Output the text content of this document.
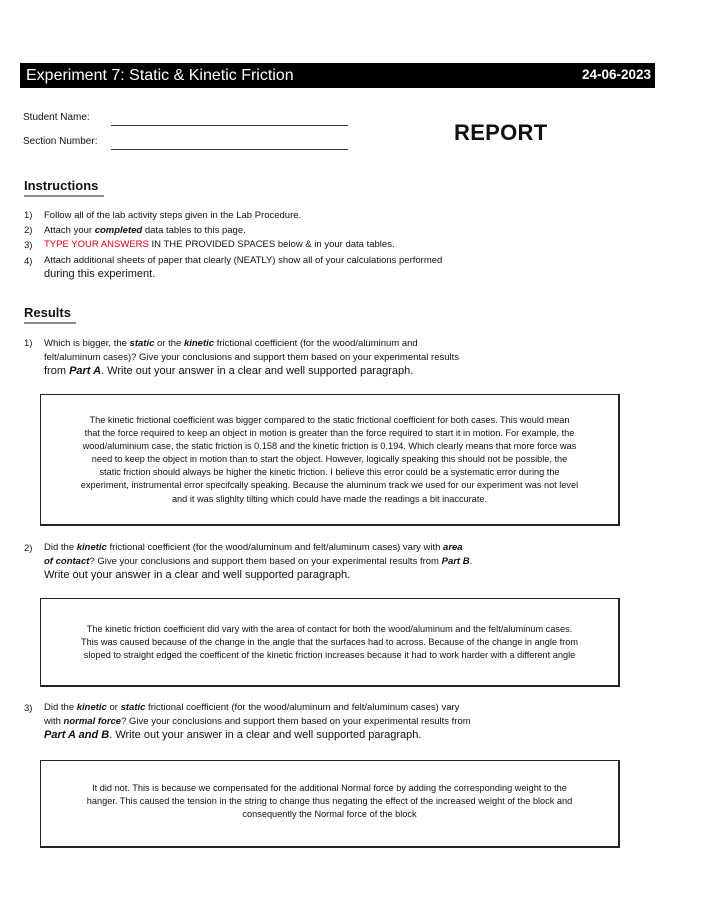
Experiment 7: Static & Kinetic Friction	24-06-2023
Student Name:
Section Number:	REPORT
Instructions
1) Follow all of the lab activity steps given in the Lab Procedure.
2) Attach your completed data tables to this page.
3) TYPE YOUR ANSWERS IN THE PROVIDED SPACES below & in your data tables.
4) Attach additional sheets of paper that clearly (NEATLY) show all of your calculations performed
during this experiment.
Results
1) Which is bigger, the static or the kinetic frictional coefficient (for the wood/aluminum and
felt/aluminum cases)? Give your conclusions and support them based on your experimental results
from Part A. Write out your answer in a clear and well supported paragraph.
The kinetic frictional coefficient was bigger compared to the static frictional coefficient for both cases. This would mean
that the force required to keep an object in motion is greater than the force required to start it in motion. For example, the
wood/aluminium case, the static friction is 0.158 and the kinetic friction is 0.194. Which clearly means that more force was
need to keep the object in motion than to start the object. However, logically speaking this should not be possible, the
static friction should always be higher the kinetic friction. I believe this error could be a systematic error during the
experiment, instrumental error specifcally speaking. Because the aluminum track we used for our experiment was not level
and it was slighlty tilting which could have made the readings a bit inaccurate.
2) Did the kinetic frictional coefficient (for the wood/aluminum and felt/aluminum cases) vary with area
of contact? Give your conclusions and support them based on your experimental results from Part B.
Write out your answer in a clear and well supported paragraph.
The kinetic friction coefficient did vary with the area of contact for both the wood/aluminum and the felt/aluminum cases.
This was caused because of the change in the angle that the surfaces had to across. Because of the change in angle from
sloped to straight edged the coefficent of the kinetic friction increases because it had to work harder with a different angle
3) Did the kinetic or static frictional coefficient (for the wood/aluminum and felt/aluminum cases) vary
with normal force? Give your conclusions and support them based on your experimental results from
Part A and B. Write out your answer in a clear and well supported paragraph.
It did not. This is because we compensated for the additional Normal force by adding the corresponding weight to the
hanger. This caused the tension in the string to change thus negating the effect of the increased weight of the block and
consequently the Normal force of the block
